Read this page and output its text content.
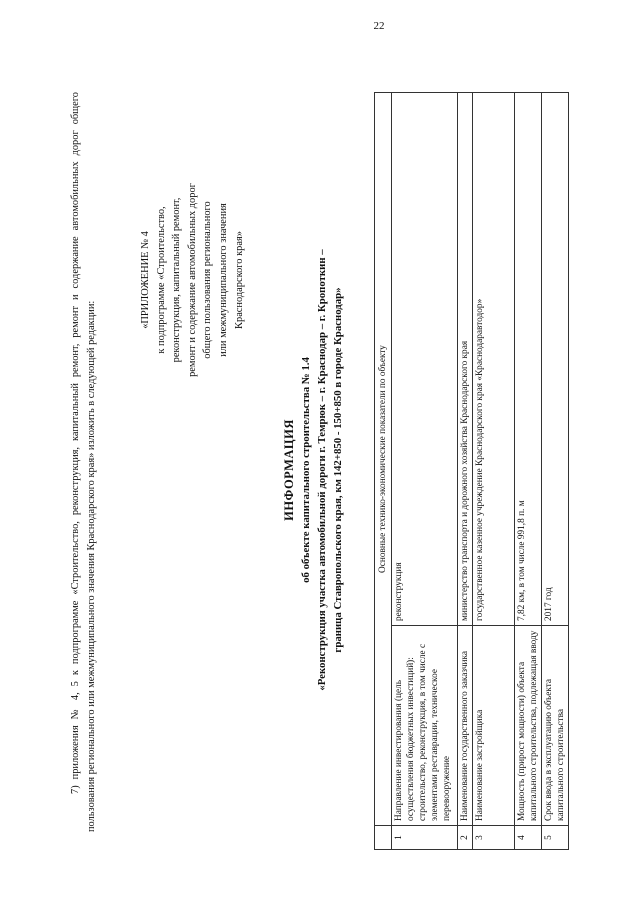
22

7) приложения № 4, 5 к подпрограмме «Строительство, реконструкция, капитальный ремонт, ремонт и содержание автомобильных дорог общего пользования регионального или межмуниципального значения Краснодарского края» изложить в следующей редакции:

«ПРИЛОЖЕНИЕ № 4 к подпрограмме «Строительство, реконструкция, капитальный ремонт, ремонт и содержание автомобильных дорог общего пользования регионального или межмуниципального значения Краснодарского края»
ИНФОРМАЦИЯ об объекте капитального строительства № 1.4 «Реконструкция участка автомобильной дороги г. Темрюк – г. Краснодар – г. Кропоткин – граница Ставропольского края, км 142+850 - 150+850 в городе Краснодар»
		Основные технико-экономические показатели по объекту	
1	Направление инвестирования (цель осуществления бюджетных инвестиций): строительство, реконструкция, в том числе с элементами реставрации, техническое перевооружение	реконструкция
2	Наименование государственного заказчика	министерство транспорта и дорожного хозяйства Краснодарского края
3	Наименование застройщика	государственное казенное учреждение Краснодарского края «Краснодаравтодор»
4	Мощность (прирост мощности) объекта капитального строительства, подлежащая вводу	7,82 км, в том числе 991,8 п. м
5	Срок ввода в эксплуатацию объекта капитального строительства	2017 год
